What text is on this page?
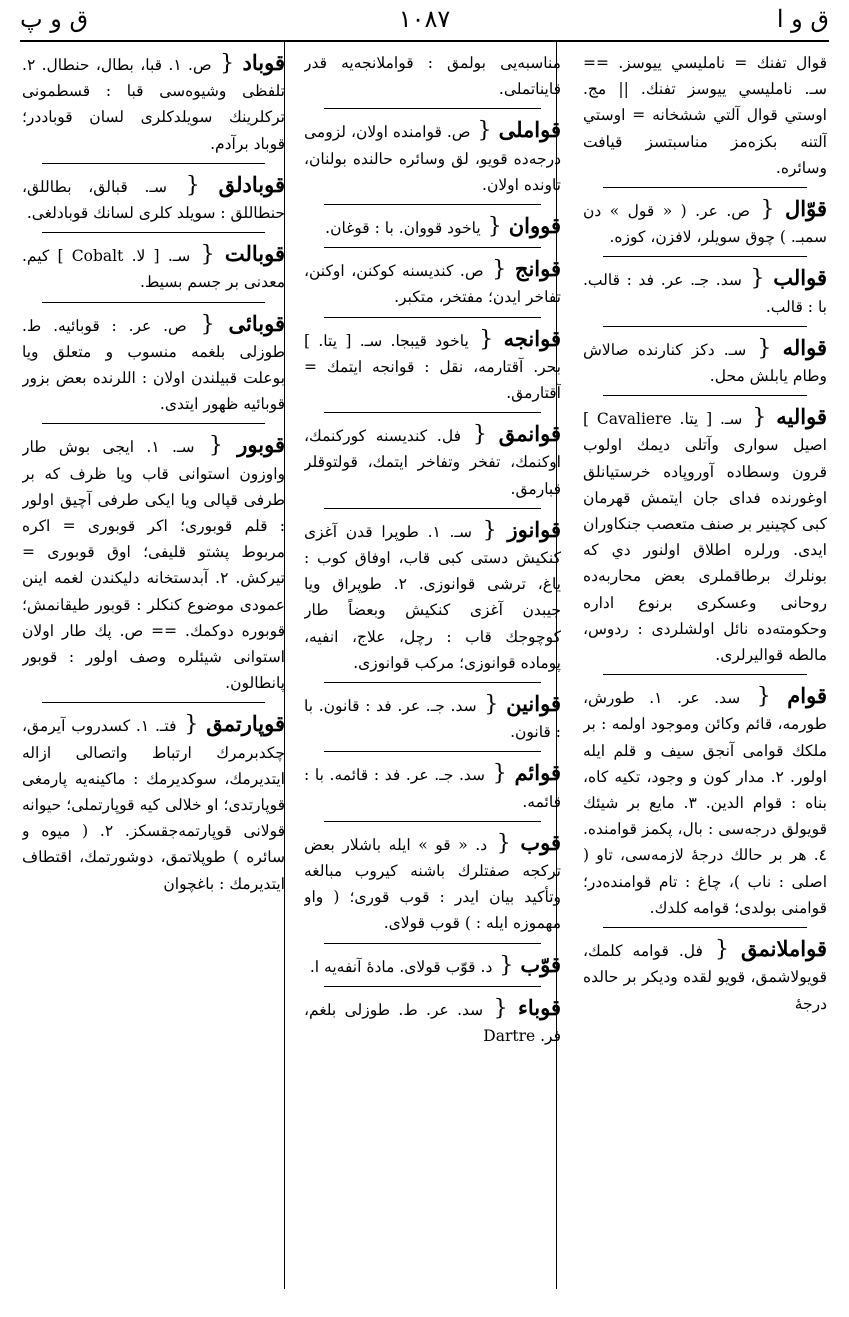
ق و ا
١٠٨٧
ق و پ
قوال تفنك = نامليسي ييوسز. == سـ. نامليسي ييوسز تفنك. || مج. اوستي قوال آلتي ششخانه = اوستي آلتنه بكزه‌مز مناسبتسز قيافت وسائره.
قوّال { ص. عر. ( « قول » دن سمبـ. ) چوق سويلر، لافزن، كوزه.
قوالب { سد. جـ. عر. فد : قالب. با : قالب.
قواله { سـ. دكز كنارنده صالاش وطام يابلش محل.
قواليه { سـ. [ يتا. Cavaliere ] اصيل سوارى وآتلى ديمك اولوب قرون وسطاده آوروپاده خرستيانلق اوغورنده فداى جان ايتمش قهرمان كبى كچينير بر صنف متعصب جنكاوران ايدى. ورلره اطلاق اولنور دي كه بونلرك برطاقملرى بعض محاربه‌ده روحانى وعسكرى برنوع اداره وحكومته‌ده نائل اولشلردى : ردوس، مالطه قواليرلرى.
قوام { سد. عر. ١. طورش، طورمه، قائم وكائن وموجود اولمه : بر ملكك قوامى آنجق سيف و قلم ايله اولور. ٢. مدار كون و وجود، تكيه كاه، بناه : قوام الدين. ٣. مايع بر شيئك قويولق درجه‌سى : بال، پكمز قوامنده. ٤. هر بر حالك درجهٔ لازمه‌سى، تاو ( اصلى : ناب )، چاغ : تام قوامنده‌در؛ قوامنى بولدى؛ قوامه كلدك.
قواملانمق { فل. قوامه كلمك، قويولاشمق، قويو لقده وديكر بر حالده درجهٔ
مناسبه‌يى بولمق : قواملانجه‌يه قدر قايناتملى.
قواملى { ص. قوامنده اولان، لزومى درجه‌ده قويو، لق وسائره حالنده بولنان، تاونده اولان.
قووان { ياخود قووان. با : قوغان.
قوانج { ص. كنديسنه كوكنن، اوكنن، تفاخر ايدن؛ مفتخر، متكبر.
قوانجه { ياخود قيبجا. سـ. [ يتا. ] بحر. آقتارمه، نقل : قوانجه ايتمك = آقتارمق.
قوانمق { فل. كنديسنه كوركنمك، اوكنمك، تفخر وتفاخر ايتمك، قولتوقلر قبارمق.
قوانوز { سـ. ١. طوپرا قدن آغزى كنكيش دستى كبى قاب، اوفاق كوب : ياغ، ترشى قوانوزى. ٢. طوپراق ويا جيبدن آغزى كنكيش وبعضاً طار كوچوجك قاب : رچل، علاج، انفيه، پوماده قوانوزى؛ مركب قوانوزى.
قوانين { سد. جـ. عر. فد : قانون. با : قانون.
قوائم { سد. جـ. عر. فد : قائمه. با : قائمه.
قوب { د. « قو » ايله باشلار بعض تركجه صفتلرك باشنه كيروب مبالغه وتأكيد بيان ايدر : قوب قورى؛ ( واو مهموزه ايله : ) قوب قولاى.
قوّب { د. قوّب قولاى. مادهٔ آنفه‌يه ا.
قوباء { سد. عر. ط. طوزلى بلغم، فر. Dartre
قوباد { ص. ١. قبا، بطال، حنطال. ٢. تلفظى وشيوه‌سى قبا : قسطمونى تركلرينك سويلدكلرى لسان قوباددر؛ قوباد برآدم.
قوبادلق { سـ. قبالق، بطاللق، حنطاللق : سويلد كلرى لسانك قوبادلغى.
قوبالت { سـ. [ لا. Cobalt ] كيم. معدنى بر جسم بسيط.
قوبائى { ص. عر. : قوبائيه. ط. طوزلى بلغمه منسوب و متعلق ويا بوعلت قبيلندن اولان : اللرنده بعض بزور قوبائيه ظهور ايتدى.
قوبور { سـ. ١. ايجى بوش طار واوزون استوانى قاب ويا ظرف كه بر طرفى قپالى ويا ايكى طرفى آچيق اولور : قلم قوبورى؛ اكر قوبورى = اكره مربوط پشتو قليفى؛ اوق قوبورى = تيركش. ٢. آبدستخانه دليكندن لغمه اينن عمودى موضوع كنكلر : قوبور طيقانمش؛ قوبوره دوكمك. == ص. پك طار اولان استوانى شيئلره وصف اولور : قوبور پانطالون.
قوپارتمق { فتـ. ١. كسدروب آيرمق، چكدبرمرك ارتباط واتصالى ازاله ايتديرمك، سوكديرمك : ماكينه‌يه پارمغى قوپارتدى؛ او خلالى كيه قوپارتملى؛ حيوانه قولانى قوپارتمه‌جقسكز. ٢. ( ميوه و سائره ) طوپلاتمق، دوشورتمك، اقتطاف ايتديرمك : باغچوان
